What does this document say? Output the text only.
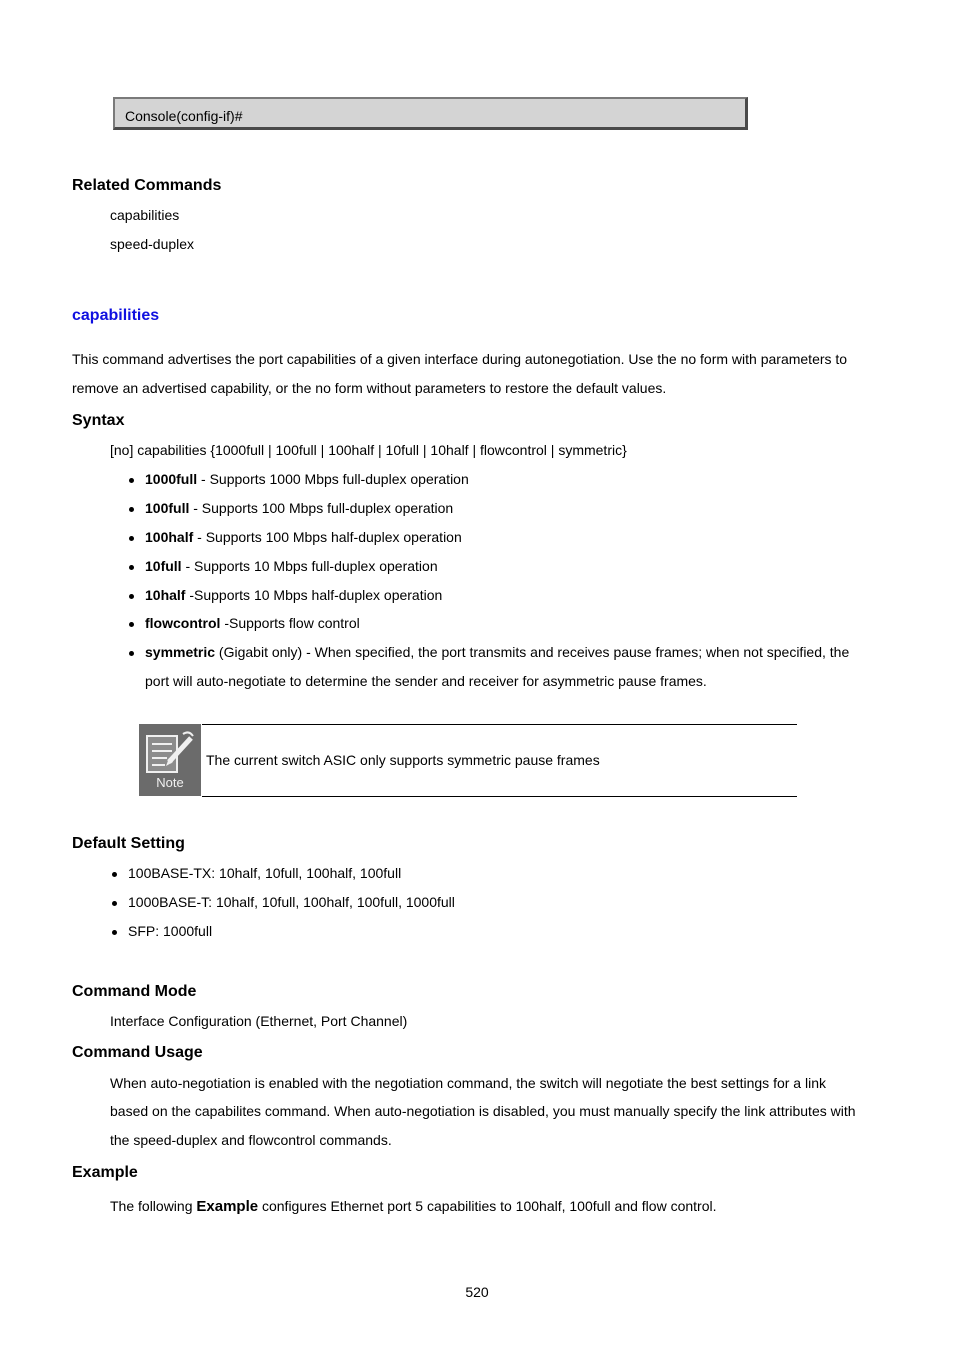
Console(config-if)#
Related Commands
capabilities
speed-duplex
capabilities
This command advertises the port capabilities of a given interface during autonegotiation. Use the no form with parameters to
remove an advertised capability, or the no form without parameters to restore the default values.
Syntax
[no] capabilities {1000full | 100full | 100half | 10full | 10half | flowcontrol | symmetric}
1000full - Supports 1000 Mbps full-duplex operation
100full - Supports 100 Mbps full-duplex operation
100half - Supports 100 Mbps half-duplex operation
10full - Supports 10 Mbps full-duplex operation
10half -Supports 10 Mbps half-duplex operation
flowcontrol -Supports flow control
symmetric (Gigabit only) - When specified, the port transmits and receives pause frames; when not specified, the
port will auto-negotiate to determine the sender and receiver for asymmetric pause frames.
Note
The current switch ASIC only supports symmetric pause frames
Default Setting
100BASE-TX: 10half, 10full, 100half, 100full
1000BASE-T: 10half, 10full, 100half, 100full, 1000full
SFP: 1000full
Command Mode
Interface Configuration (Ethernet, Port Channel)
Command Usage
When auto-negotiation is enabled with the negotiation command, the switch will negotiate the best settings for a link
based on the capabilites command. When auto-negotiation is disabled, you must manually specify the link attributes with
the speed-duplex and flowcontrol commands.
Example
The following Example configures Ethernet port 5 capabilities to 100half, 100full and flow control.
520
